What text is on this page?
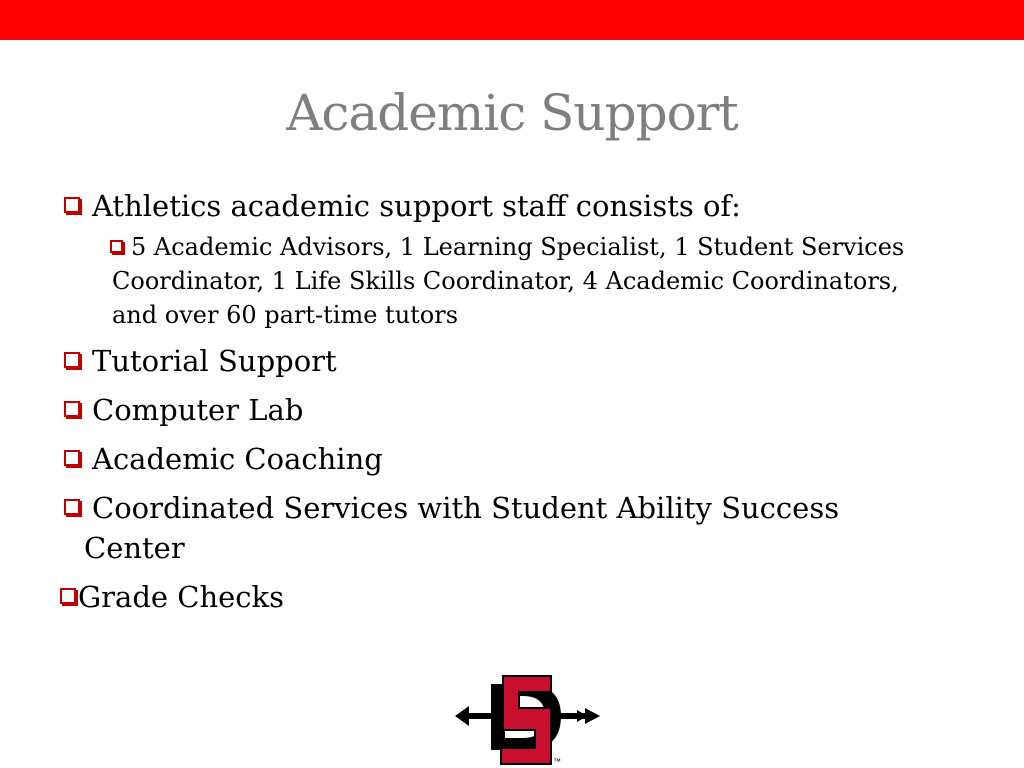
Academic Support
Athletics academic support staff consists of:
5 Academic Advisors, 1 Learning Specialist, 1 Student Services
Coordinator, 1 Life Skills Coordinator, 4 Academic Coordinators,
and over 60 part-time tutors
Tutorial Support
Computer Lab
Academic Coaching
Coordinated Services with Student Ability Success
Center
Grade Checks
™
